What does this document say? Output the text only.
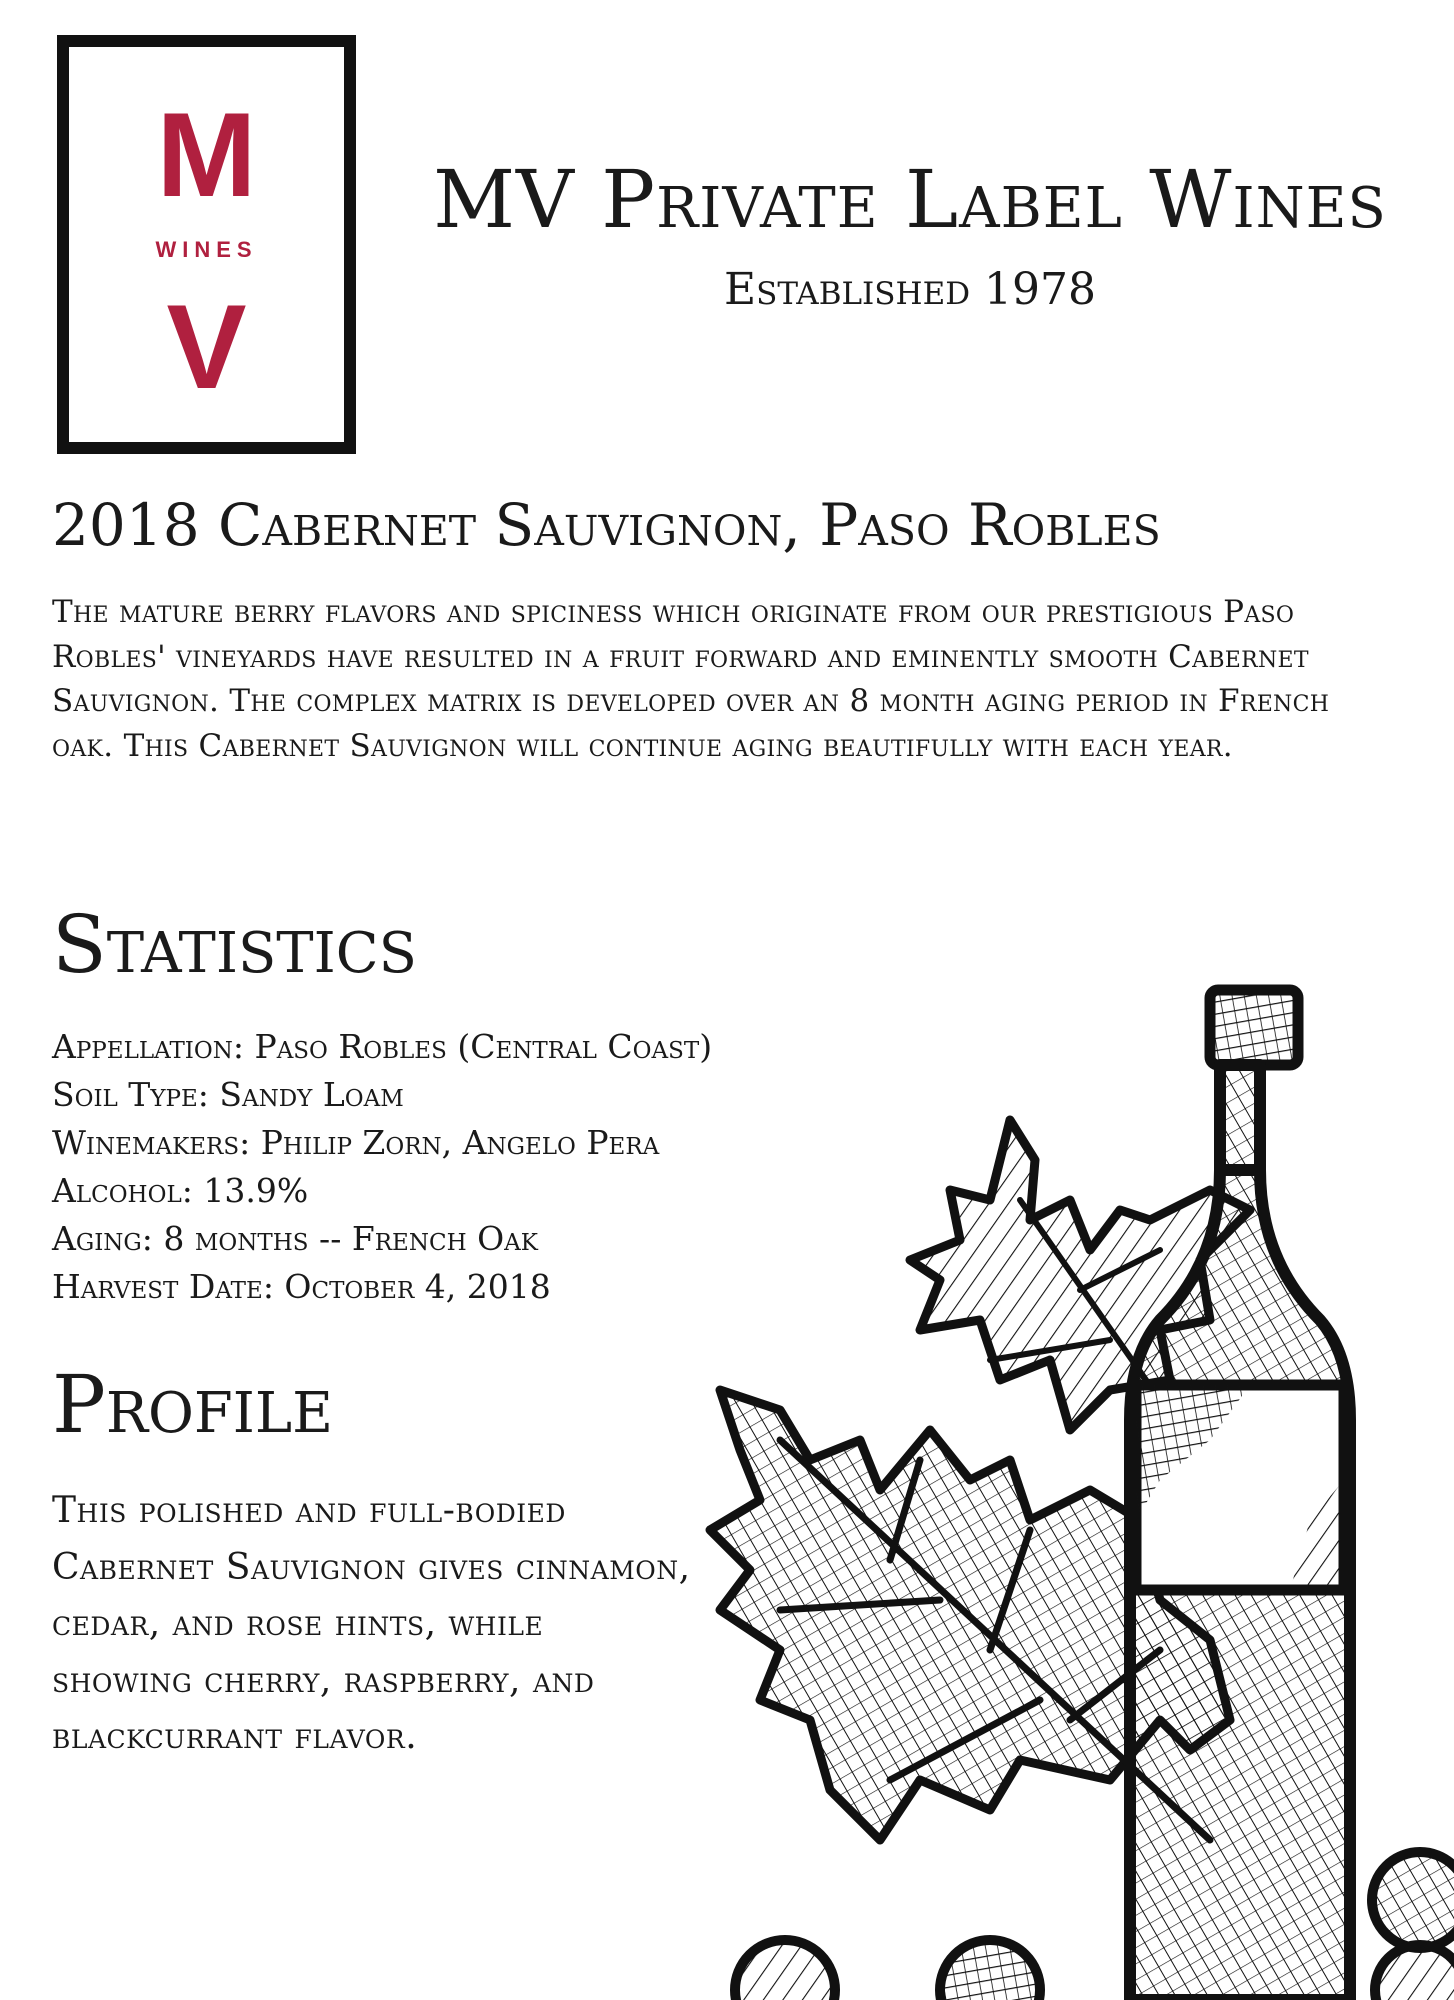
M
WINES
V
MV Private Label Wines
Established 1978
2018 Cabernet Sauvignon, Paso Robles
The mature berry flavors and spiciness which originate from our prestigious Paso Robles' vineyards have resulted in a fruit forward and eminently smooth Cabernet Sauvignon. The complex matrix is developed over an 8 month aging period in French oak. This Cabernet Sauvignon will continue aging beautifully with each year.
Statistics
Appellation: Paso Robles (Central Coast)
Soil Type: Sandy Loam
Winemakers: Philip Zorn, Angelo Pera
Alcohol: 13.9%
Aging: 8 months -- French Oak
Harvest Date: October 4, 2018
Profile
This polished and full-bodied Cabernet Sauvignon gives cinnamon, cedar, and rose hints, while showing cherry, raspberry, and blackcurrant flavor.
